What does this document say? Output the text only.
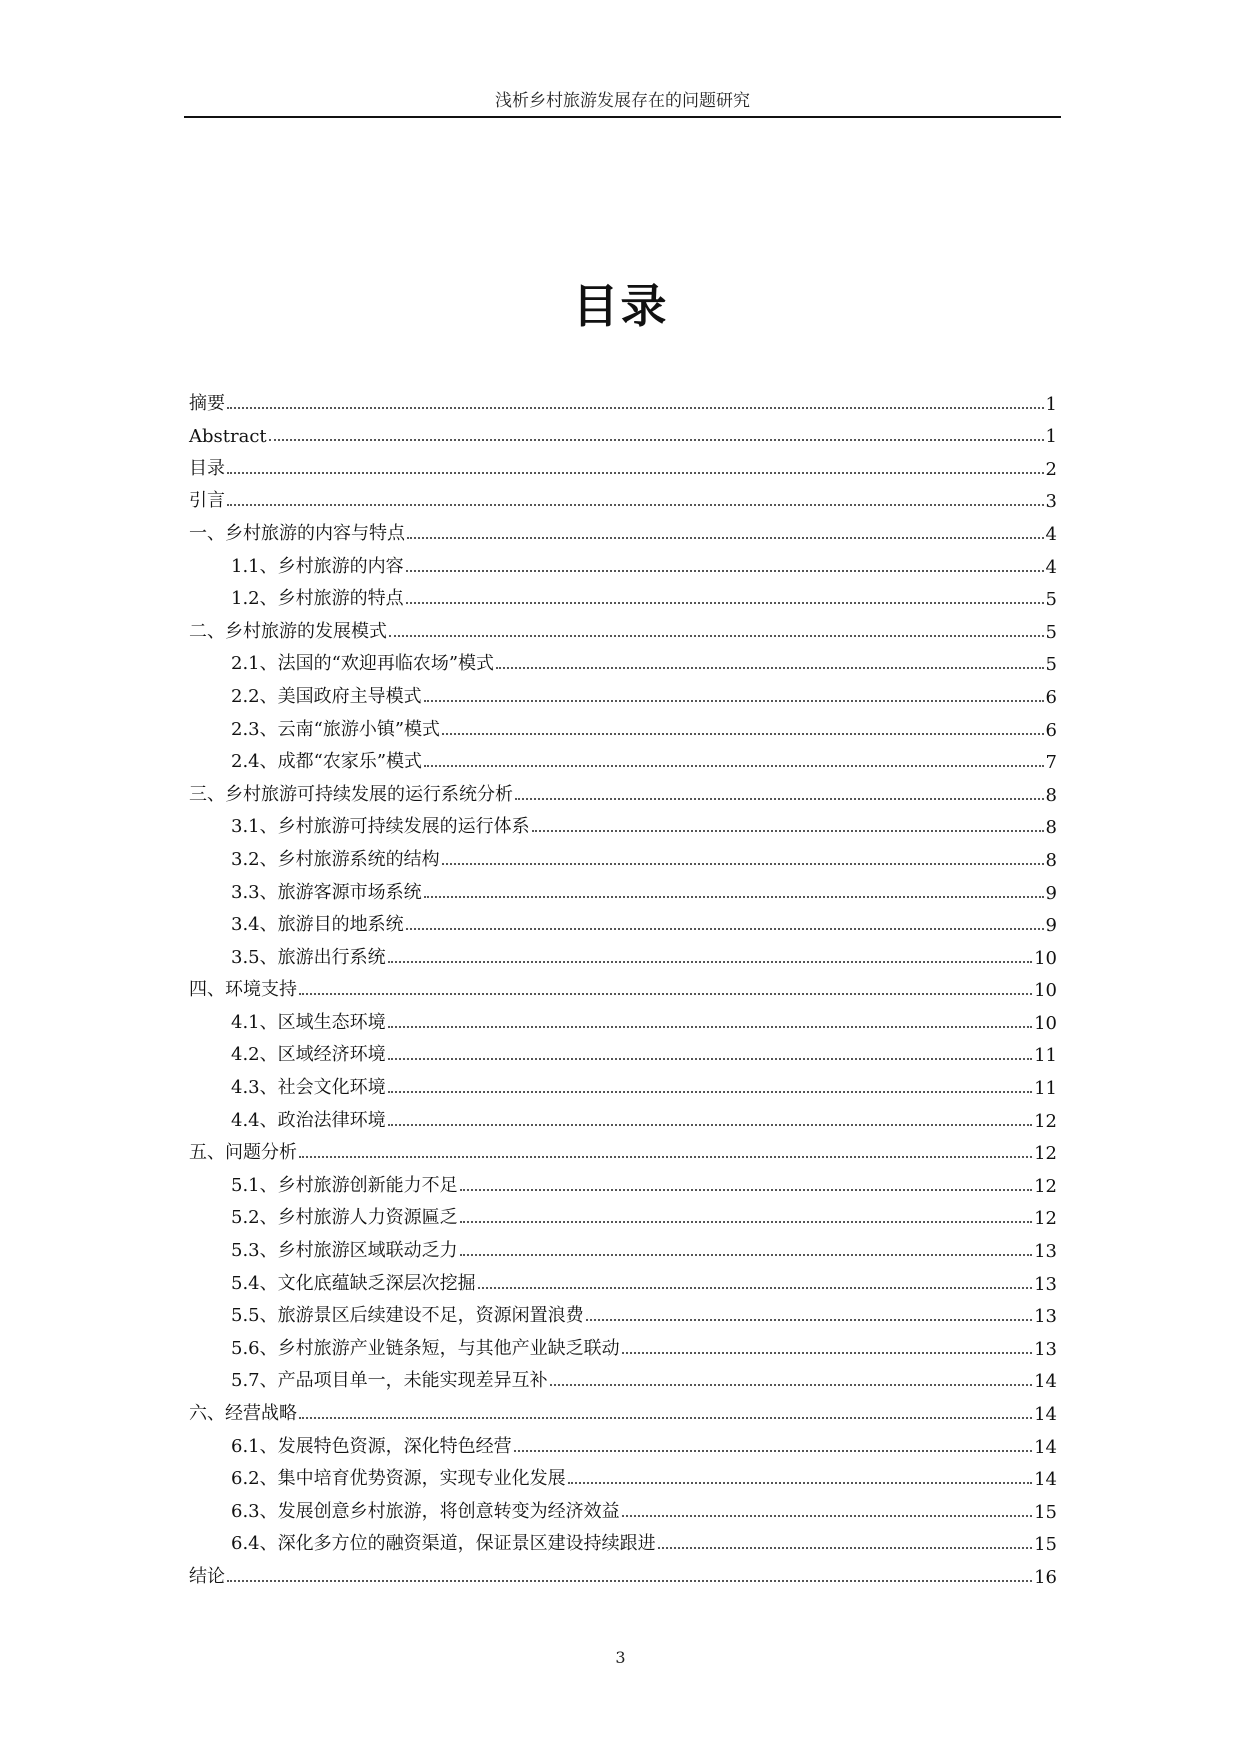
浅析乡村旅游发展存在的问题研究
目录
摘要	1
Abstract	1
目录	2
引言	3
一、乡村旅游的内容与特点	4
1.1、乡村旅游的内容	4
1.2、乡村旅游的特点	5
二、乡村旅游的发展模式	5
2.1、法国的“欢迎再临农场”模式	5
2.2、美国政府主导模式	6
2.3、云南“旅游小镇”模式	6
2.4、成都“农家乐”模式	7
三、乡村旅游可持续发展的运行系统分析	8
3.1、乡村旅游可持续发展的运行体系	8
3.2、乡村旅游系统的结构	8
3.3、旅游客源市场系统	9
3.4、旅游目的地系统	9
3.5、旅游出行系统	10
四、环境支持	10
4.1、区域生态环境	10
4.2、区域经济环境	11
4.3、社会文化环境	11
4.4、政治法律环境	12
五、问题分析	12
5.1、乡村旅游创新能力不足	12
5.2、乡村旅游人力资源匾乏	12
5.3、乡村旅游区域联动乏力	13
5.4、文化底蕴缺乏深层次挖掘	13
5.5、旅游景区后续建设不足，资源闲置浪费	13
5.6、乡村旅游产业链条短，与其他产业缺乏联动	13
5.7、产品项目单一，未能实现差异互补	14
六、经营战略	14
6.1、发展特色资源，深化特色经营	14
6.2、集中培育优势资源，实现专业化发展	14
6.3、发展创意乡村旅游，将创意转变为经济效益	15
6.4、深化多方位的融资渠道，保证景区建设持续跟进	15
结论	16
3
